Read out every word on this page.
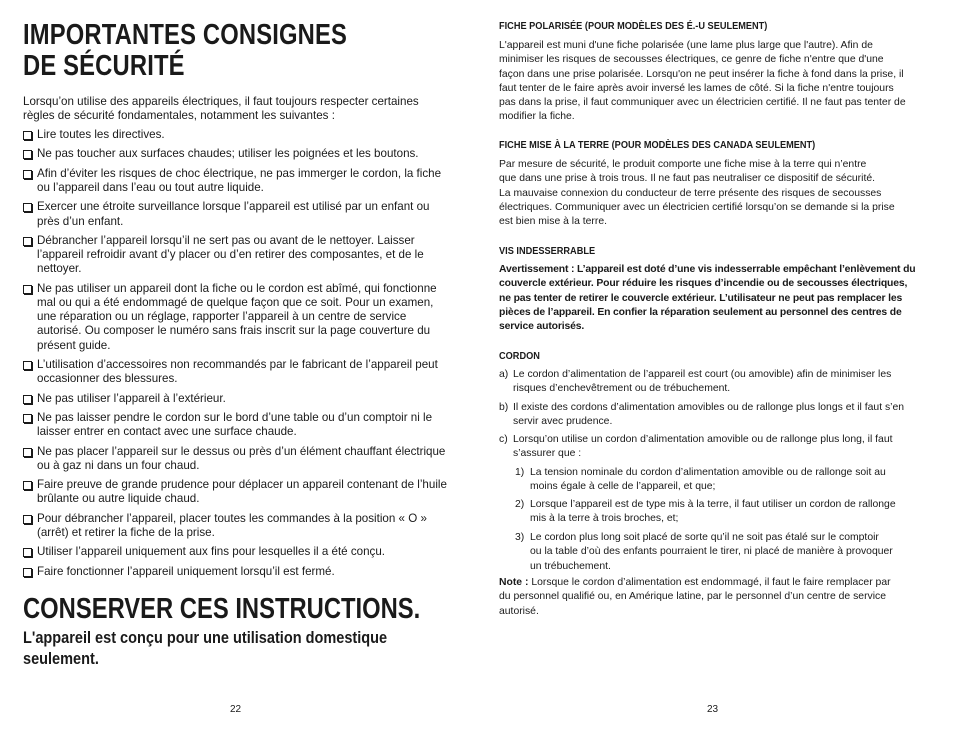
IMPORTANTES CONSIGNES
DE SÉCURITÉ

Lorsqu’on utilise des appareils électriques, il faut toujours respecter certaines règles de sécurité fondamentales, notamment les suivantes :

Lire toutes les directives.
Ne pas toucher aux surfaces chaudes; utiliser les poignées et les boutons.
Afin d’éviter les risques de choc électrique, ne pas immerger le cordon, la fiche ou l’appareil dans l’eau ou tout autre liquide.
Exercer une étroite surveillance lorsque l’appareil est utilisé par un enfant ou près d’un enfant.
Débrancher l’appareil lorsqu’il ne sert pas ou avant de le nettoyer. Laisser l’appareil refroidir avant d’y placer ou d’en retirer des composantes, et de le nettoyer.
Ne pas utiliser un appareil dont la fiche ou le cordon est abîmé, qui fonctionne mal ou qui a été endommagé de quelque façon que ce soit. Pour un examen, une réparation ou un réglage, rapporter l’appareil à un centre de service autorisé. Ou composer le numéro sans frais inscrit sur la page couverture du présent guide.
L’utilisation d’accessoires non recommandés par le fabricant de l’appareil peut occasionner des blessures.
Ne pas utiliser l’appareil à l’extérieur.
Ne pas laisser pendre le cordon sur le bord d’une table ou d’un comptoir ni le laisser entrer en contact avec une surface chaude.
Ne pas placer l’appareil sur le dessus ou près d’un élément chauffant électrique ou à gaz ni dans un four chaud.
Faire preuve de grande prudence pour déplacer un appareil contenant de l’huile brûlante ou autre liquide chaud.
Pour débrancher l’appareil, placer toutes les commandes à la position « O » (arrêt) et retirer la fiche de la prise.
Utiliser l’appareil uniquement aux fins pour lesquelles il a été conçu.
Faire fonctionner l’appareil uniquement lorsqu’il est fermé.
CONSERVER CES INSTRUCTIONS.

L'appareil est conçu pour une utilisation domestique seulement.

22
FICHE POLARISÉE (POUR MODÈLES DES É.-U SEULEMENT)
L'appareil est muni d'une fiche polarisée (une lame plus large que l'autre). Afin de
minimiser les risques de secousses électriques, ce genre de fiche n'entre que d'une
façon dans une prise polarisée. Lorsqu'on ne peut insérer la fiche à fond dans la prise, il
faut tenter de le faire après avoir inversé les lames de côté. Si la fiche n'entre toujours
pas dans la prise, il faut communiquer avec un électricien certifié. Il ne faut pas tenter de
modifier la fiche.
FICHE MISE À LA TERRE (POUR MODÈLES DES CANADA SEULEMENT)
Par mesure de sécurité, le produit comporte une fiche mise à la terre qui n’entre
que dans une prise à trois trous. Il ne faut pas neutraliser ce dispositif de sécurité.
La mauvaise connexion du conducteur de terre présente des risques de secousses
électriques. Communiquer avec un électricien certifié lorsqu’on se demande si la prise
est bien mise à la terre.
VIS INDESSERRABLE
Avertissement : L’appareil est doté d’une vis indesserrable empêchant l’enlèvement du
couvercle extérieur. Pour réduire les risques d’incendie ou de secousses électriques,
ne pas tenter de retirer le couvercle extérieur. L’utilisateur ne peut pas remplacer les
pièces de l’appareil. En confier la réparation seulement au personnel des centres de
service autorisés.
CORDON
a) Le cordon d’alimentation de l’appareil est court (ou amovible) afin de minimiser les
risques d’enchevêtrement ou de trébuchement.
b) Il existe des cordons d’alimentation amovibles ou de rallonge plus longs et il faut s’en
servir avec prudence.
c) Lorsqu’on utilise un cordon d’alimentation amovible ou de rallonge plus long, il faut
s’assurer que :
1) La tension nominale du cordon d’alimentation amovible ou de rallonge soit au
moins égale à celle de l’appareil, et que;
2) Lorsque l’appareil est de type mis à la terre, il faut utiliser un cordon de rallonge
mis à la terre à trois broches, et;
3) Le cordon plus long soit placé de sorte qu’il ne soit pas étalé sur le comptoir
ou la table d’où des enfants pourraient le tirer, ni placé de manière à provoquer
un trébuchement.
Note : Lorsque le cordon d’alimentation est endommagé, il faut le faire remplacer par
du personnel qualifié ou, en Amérique latine, par le personnel d’un centre de service
autorisé.
23
